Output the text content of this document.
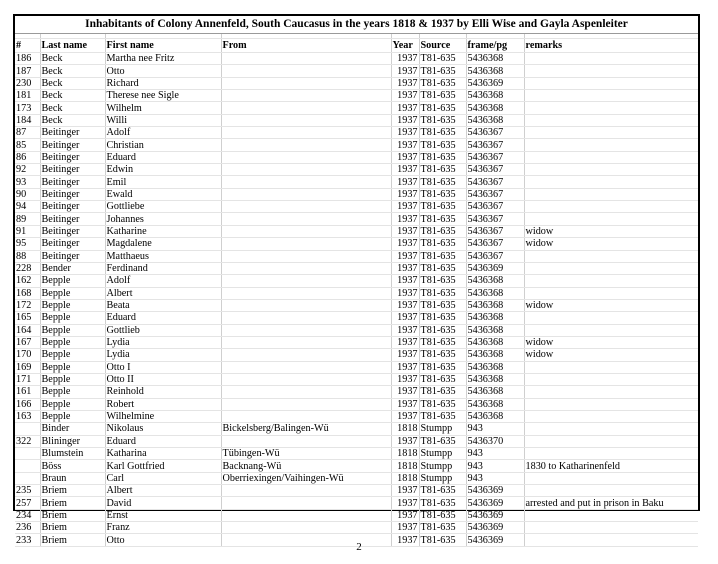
Inhabitants of Colony Annenfeld, South Caucasus in the years 1818 & 1937 by Elli Wise and Gayla Aspenleiter

#	Last name	First name	From	Year	Source	frame/pg	remarks
186	Beck	Martha nee Fritz		1937	T81-635	5436368	
187	Beck	Otto		1937	T81-635	5436368	
230	Beck	Richard		1937	T81-635	5436369	
181	Beck	Therese nee Sigle		1937	T81-635	5436368	
173	Beck	Wilhelm		1937	T81-635	5436368	
184	Beck	Willi		1937	T81-635	5436368	
87	Beitinger	Adolf		1937	T81-635	5436367	
85	Beitinger	Christian		1937	T81-635	5436367	
86	Beitinger	Eduard		1937	T81-635	5436367	
92	Beitinger	Edwin		1937	T81-635	5436367	
93	Beitinger	Emil		1937	T81-635	5436367	
90	Beitinger	Ewald		1937	T81-635	5436367	
94	Beitinger	Gottliebe		1937	T81-635	5436367	
89	Beitinger	Johannes		1937	T81-635	5436367	
91	Beitinger	Katharine		1937	T81-635	5436367	widow
95	Beitinger	Magdalene		1937	T81-635	5436367	widow
88	Beitinger	Matthaeus		1937	T81-635	5436367	
228	Bender	Ferdinand		1937	T81-635	5436369	
162	Bepple	Adolf		1937	T81-635	5436368	
168	Bepple	Albert		1937	T81-635	5436368	
172	Bepple	Beata		1937	T81-635	5436368	widow
165	Bepple	Eduard		1937	T81-635	5436368	
164	Bepple	Gottlieb		1937	T81-635	5436368	
167	Bepple	Lydia		1937	T81-635	5436368	widow
170	Bepple	Lydia		1937	T81-635	5436368	widow
169	Bepple	Otto I		1937	T81-635	5436368	
171	Bepple	Otto II		1937	T81-635	5436368	
161	Bepple	Reinhold		1937	T81-635	5436368	
166	Bepple	Robert		1937	T81-635	5436368	
163	Bepple	Wilhelmine		1937	T81-635	5436368	
	Binder	Nikolaus	Bickelsberg/Balingen-Wü	1818	Stumpp	943	
322	Blininger	Eduard		1937	T81-635	5436370	
	Blumstein	Katharina	Tübingen-Wü	1818	Stumpp	943	
	Böss	Karl Gottfried	Backnang-Wü	1818	Stumpp	943	1830 to Katharinenfeld
	Braun	Carl	Oberriexingen/Vaihingen-Wü	1818	Stumpp	943	
235	Briem	Albert		1937	T81-635	5436369	
257	Briem	David		1937	T81-635	5436369	arrested and put in prison in Baku
234	Briem	Ernst		1937	T81-635	5436369	
236	Briem	Franz		1937	T81-635	5436369	
233	Briem	Otto		1937	T81-635	5436369	
2
